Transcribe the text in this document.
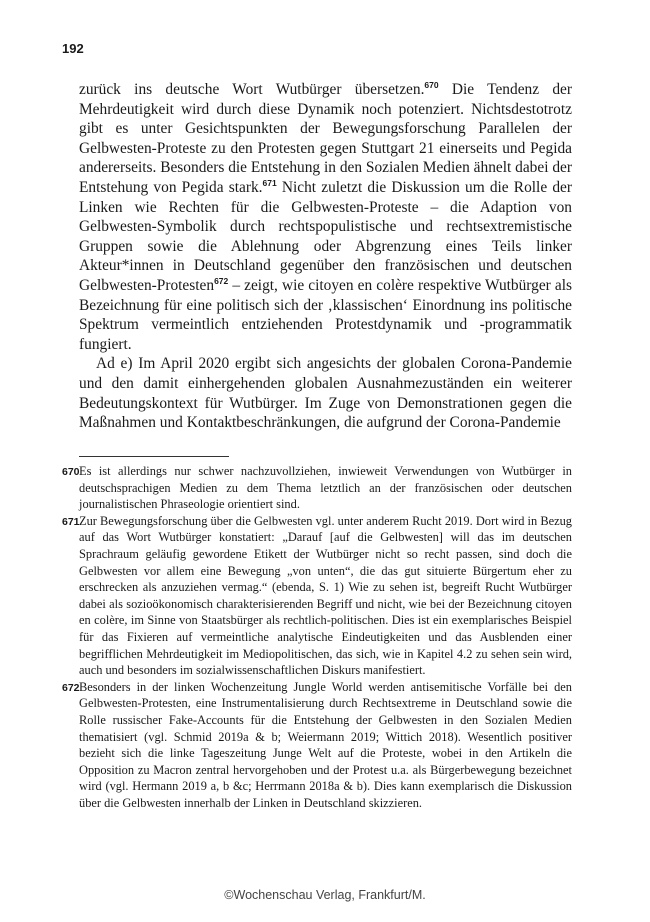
192

zurück ins deutsche Wort Wutbürger übersetzen.$^{670}$ Die Tendenz der Mehrdeutigkeit wird durch diese Dynamik noch potenziert. Nichtsdestotrotz gibt es unter Gesichtspunkten der Bewegungsforschung Parallelen der Gelbwesten-Proteste zu den Protesten gegen Stuttgart 21 einerseits und Pegida andererseits. Besonders die Entstehung in den Sozialen Medien ähnelt dabei der Entstehung von Pegida stark.$^{671}$ Nicht zuletzt die Diskussion um die Rolle der Linken wie Rechten für die Gelbwesten-Proteste – die Adaption von Gelbwesten-Symbolik durch rechtspopulistische und rechtsextremistische Gruppen sowie die Ablehnung oder Abgrenzung eines Teils linker Akteur*innen in Deutschland gegenüber den französischen und deutschen Gelbwesten-Protesten$^{672}$ – zeigt, wie citoyen en colère respektive Wutbürger als Bezeichnung für eine politisch sich der ‚klassischen‘ Einordnung ins politische Spektrum vermeintlich entziehenden Protestdynamik und -programmatik fungiert.

Ad e) Im April 2020 ergibt sich angesichts der globalen Corona-Pandemie und den damit einhergehenden globalen Ausnahmezuständen ein weiterer Bedeutungskontext für Wutbürger. Im Zuge von Demonstrationen gegen die Maßnahmen und Kontaktbeschränkungen, die aufgrund der Corona-Pandemie

670 Es ist allerdings nur schwer nachzuvollziehen, inwieweit Verwendungen von Wutbürger in deutschsprachigen Medien zu dem Thema letztlich an der französischen oder deutschen journalistischen Phraseologie orientiert sind.
671 Zur Bewegungsforschung über die Gelbwesten vgl. unter anderem Rucht 2019. Dort wird in Bezug auf das Wort Wutbürger konstatiert: „Darauf [auf die Gelbwesten] will das im deutschen Sprachraum geläufig gewordene Etikett der Wutbürger nicht so recht passen, sind doch die Gelbwesten vor allem eine Bewegung „von unten“, die das gut situierte Bürgertum eher zu erschrecken als anzuziehen vermag.“ (ebenda, S. 1) Wie zu sehen ist, begreift Rucht Wutbürger dabei als sozioökonomisch charakterisierenden Begriff und nicht, wie bei der Bezeichnung citoyen en colère, im Sinne von Staatsbürger als rechtlich-politischen. Dies ist ein exemplarisches Beispiel für das Fixieren auf vermeintliche analytische Eindeutigkeiten und das Ausblenden einer begrifflichen Mehrdeutigkeit im Mediopolitischen, das sich, wie in Kapitel 4.2 zu sehen sein wird, auch und besonders im sozialwissenschaftlichen Diskurs manifestiert.
672 Besonders in der linken Wochenzeitung Jungle World werden antisemitische Vorfälle bei den Gelbwesten-Protesten, eine Instrumentalisierung durch Rechtsextreme in Deutschland sowie die Rolle russischer Fake-Accounts für die Entstehung der Gelbwesten in den Sozialen Medien thematisiert (vgl. Schmid 2019a & b; Weiermann 2019; Wittich 2018). Wesentlich positiver bezieht sich die linke Tageszeitung Junge Welt auf die Proteste, wobei in den Artikeln die Opposition zu Macron zentral hervorgehoben und der Protest u.a. als Bürgerbewegung bezeichnet wird (vgl. Hermann 2019 a, b &c; Herrmann 2018a & b). Dies kann exemplarisch die Diskussion über die Gelbwesten innerhalb der Linken in Deutschland skizzieren.
©Wochenschau Verlag, Frankfurt/M.
